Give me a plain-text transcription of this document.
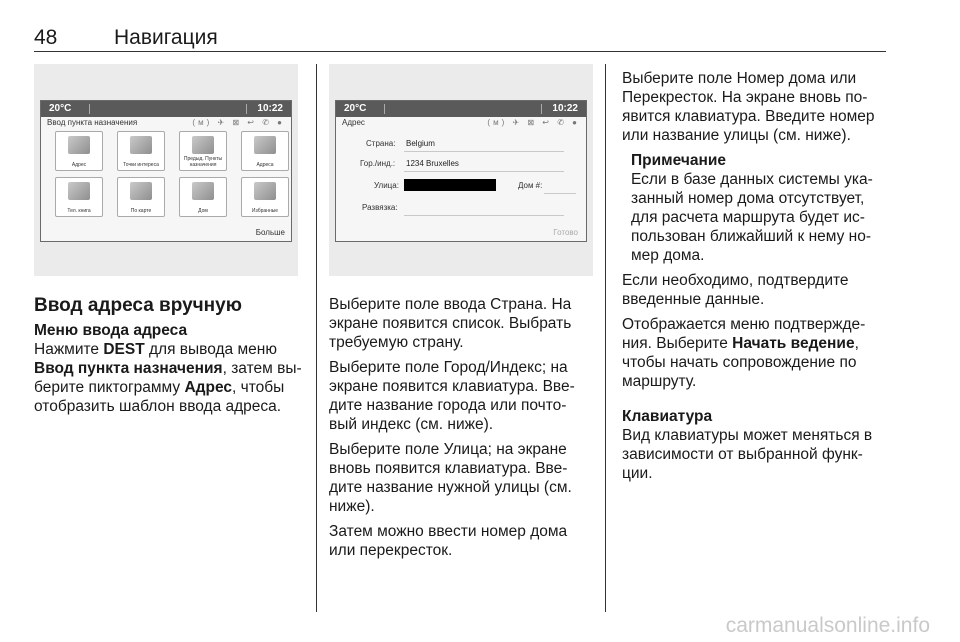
48	Навигация
20°C	10:22
Ввод пункта назначения	(м) ✈ ⊠ ↩ ✆ ●
Адрес	Точки интереса
Предыд. Пункты назначения	Адреса
Тел. книга	По карте	Дом	Избранные
Больше
20°C	10:22
Адрес	(м) ✈ ⊠ ↩ ✆ ●
Страна: Belgium
Гор./инд.: 1234 Bruxelles
Улица:	Дом #:
Развязка:
Готово

Ввод адреса вручную

Меню ввода адреса

Нажмите DEST для вывода меню
Ввод пункта назначения, затем вы-
берите пиктограмму Адрес, чтобы
отобразить шаблон ввода адреса.

Выберите поле ввода Страна. На
экране появится список. Выбрать
требуемую страну.

Выберите поле Город/Индекс; на
экране появится клавиатура. Вве-
дите название города или почто-
вый индекс (см. ниже).

Выберите поле Улица; на экране
вновь появится клавиатура. Вве-
дите название нужной улицы (см.
ниже).

Затем можно ввести номер дома
или перекресток.

Выберите поле Номер дома или
Перекресток. На экране вновь по-
явится клавиатура. Введите номер
или название улицы (см. ниже).

Примечание

Если в базе данных системы ука-
занный номер дома отсутствует,
для расчета маршрута будет ис-
пользован ближайший к нему но-
мер дома.

Если необходимо, подтвердите
введенные данные.

Отображается меню подтвержде-
ния. Выберите Начать ведение,
чтобы начать сопровождение по
маршруту.

Клавиатура

Вид клавиатуры может меняться в
зависимости от выбранной функ-
ции.

carmanualsonline.info
